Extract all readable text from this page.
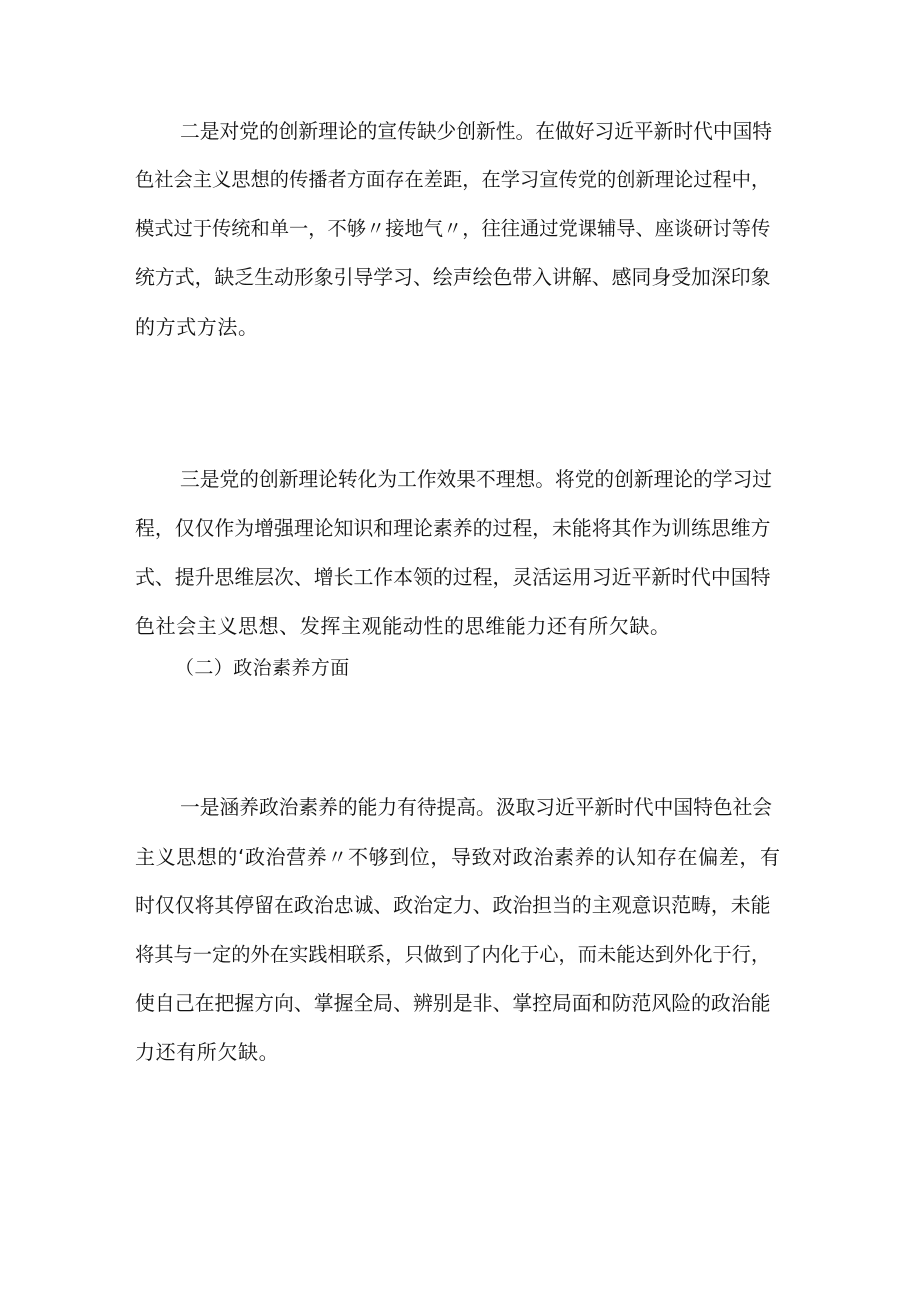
二是对党的创新理论的宣传缺少创新性。在做好习近平新时代中国特
色社会主义思想的传播者方面存在差距，在学习宣传党的创新理论过程中，
模式过于传统和单一，不够〃接地气〃，往往通过党课辅导、座谈研讨等传
统方式，缺乏生动形象引导学习、绘声绘色带入讲解、感同身受加深印象
的方式方法。
三是党的创新理论转化为工作效果不理想。将党的创新理论的学习过
程，仅仅作为增强理论知识和理论素养的过程，未能将其作为训练思维方
式、提升思维层次、增长工作本领的过程，灵活运用习近平新时代中国特
色社会主义思想、发挥主观能动性的思维能力还有所欠缺。
（二）政治素养方面
一是涵养政治素养的能力有待提高。汲取习近平新时代中国特色社会
主义思想的‘政治营养〃不够到位，导致对政治素养的认知存在偏差，有
时仅仅将其停留在政治忠诚、政治定力、政治担当的主观意识范畴，未能
将其与一定的外在实践相联系，只做到了内化于心，而未能达到外化于行，
使自己在把握方向、掌握全局、辨别是非、掌控局面和防范风险的政治能
力还有所欠缺。
